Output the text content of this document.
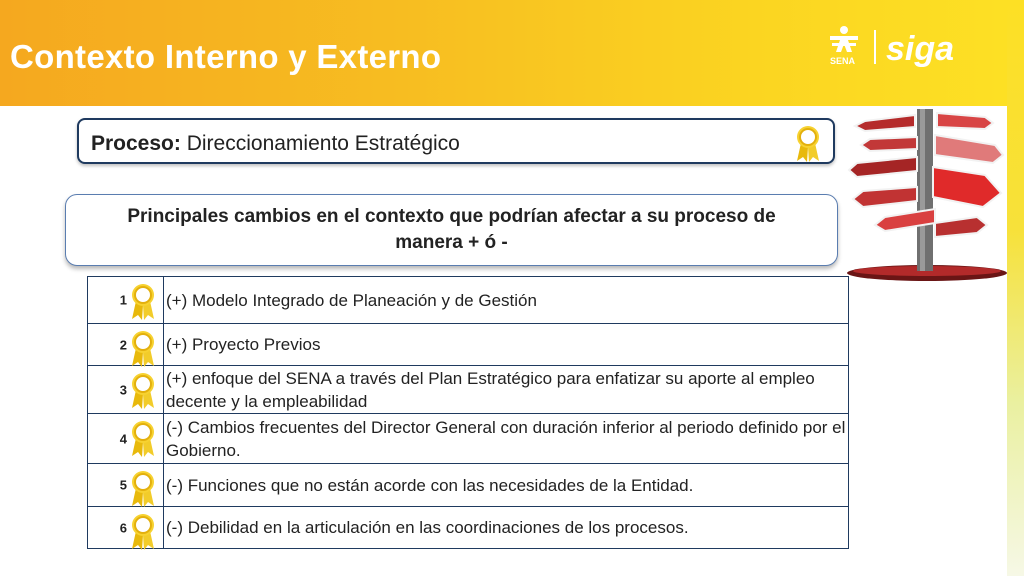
Contexto Interno y Externo	SENA siga
Proceso: Direccionamiento Estratégico
Principales cambios en el contexto que podrían afectar a su proceso de manera + ó -
1	(+) Modelo Integrado de Planeación y de Gestión

2	(+) Proyecto Previos

3	(+) enfoque del SENA a través del Plan Estratégico para enfatizar su aporte al empleo decente y la empleabilidad

4	(-) Cambios frecuentes del Director General con duración inferior al periodo definido por el Gobierno.

5	(-) Funciones que no están acorde con las necesidades de la Entidad.

6	(-) Debilidad en la articulación en las coordinaciones de los procesos.
